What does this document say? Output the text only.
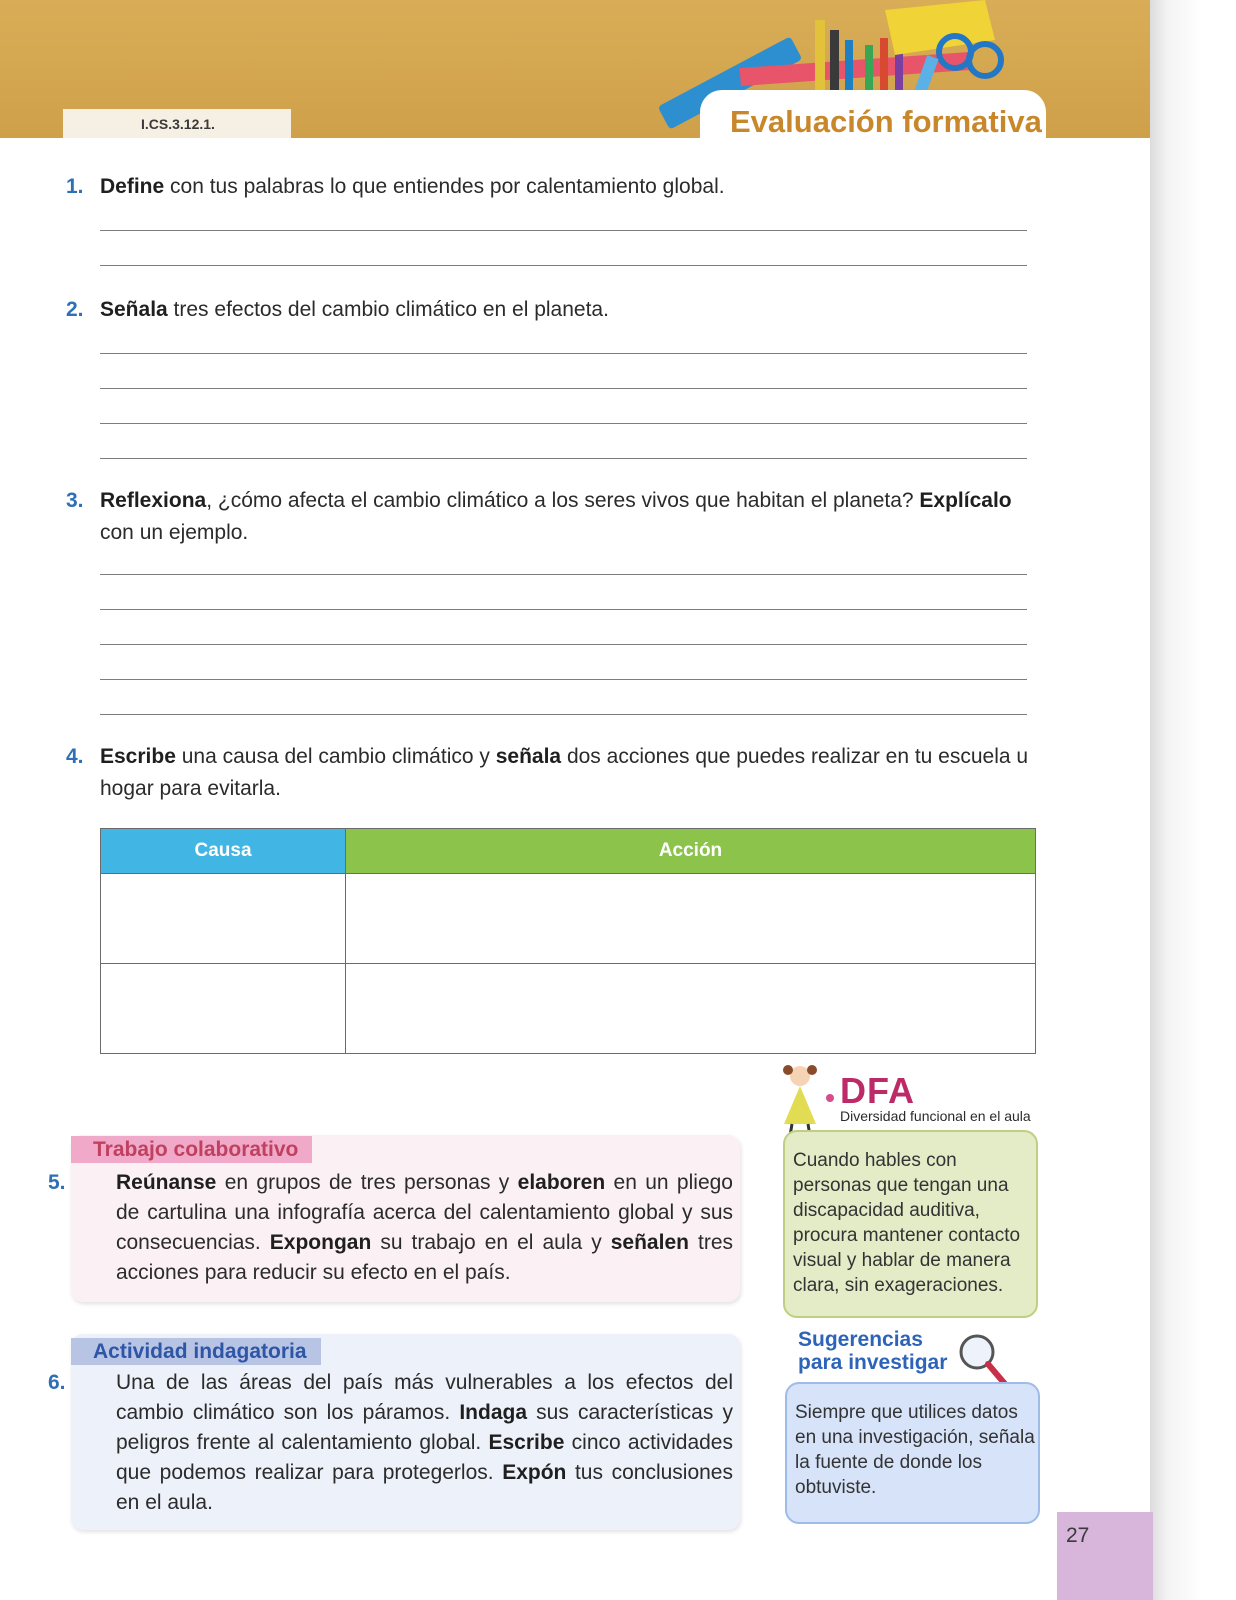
I.CS.3.12.1.	Evaluación formativa
1. Define con tus palabras lo que entiendes por calentamiento global.
2. Señala tres efectos del cambio climático en el planeta.
3. Reflexiona, ¿cómo afecta el cambio climático a los seres vivos que habitan el planeta? Explícalo
con un ejemplo.
4. Escribe una causa del cambio climático y señala dos acciones que puedes realizar en tu escuela u
hogar para evitarla.
Causa	Acción

Trabajo colaborativo
5. Reúnanse en grupos de tres personas y elaboren en un pliego de cartulina una infografía acerca del calentamiento global y sus consecuencias. Expongan su trabajo en el aula y señalen tres acciones para reducir su efecto en el país.
Actividad indagatoria
6. Una de las áreas del país más vulnerables a los efectos del cambio climático son los páramos. Indaga sus características y peligros frente al calentamiento global. Escribe cinco actividades que podemos realizar para protegerlos. Expón tus conclusiones en el aula.
DFA
Diversidad funcional en el aula
Cuando hables con personas que tengan una discapacidad auditiva, procura mantener contacto visual y hablar de manera clara, sin exageraciones.
Sugerencias
para investigar
Siempre que utilices datos en una investigación, señala la fuente de donde los obtuviste.
27
